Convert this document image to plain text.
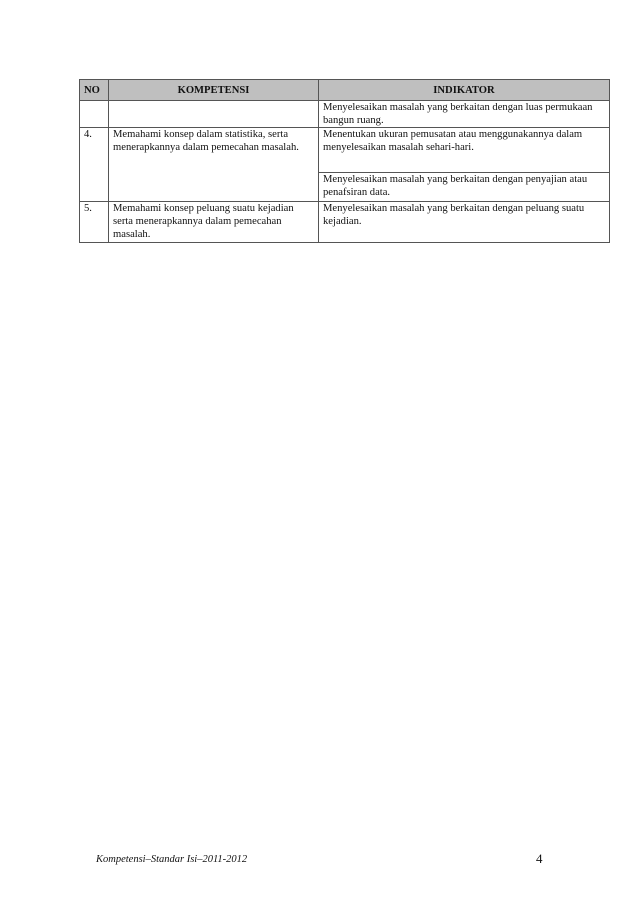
NO	KOMPETENSI	INDIKATOR

		Menyelesaikan masalah yang berkaitan dengan luas permukaan bangun ruang.

4.	Memahami konsep dalam statistika, serta menerapkannya dalam pemecahan masalah.	Menentukan ukuran pemusatan atau menggunakannya dalam menyelesaikan masalah sehari-hari.

		Menyelesaikan masalah yang berkaitan dengan penyajian atau penafsiran data.

5.	Memahami konsep peluang suatu kejadian serta menerapkannya dalam pemecahan masalah.	Menyelesaikan masalah yang berkaitan dengan peluang suatu kejadian.
Kompetensi–Standar Isi–2011-2012	4
